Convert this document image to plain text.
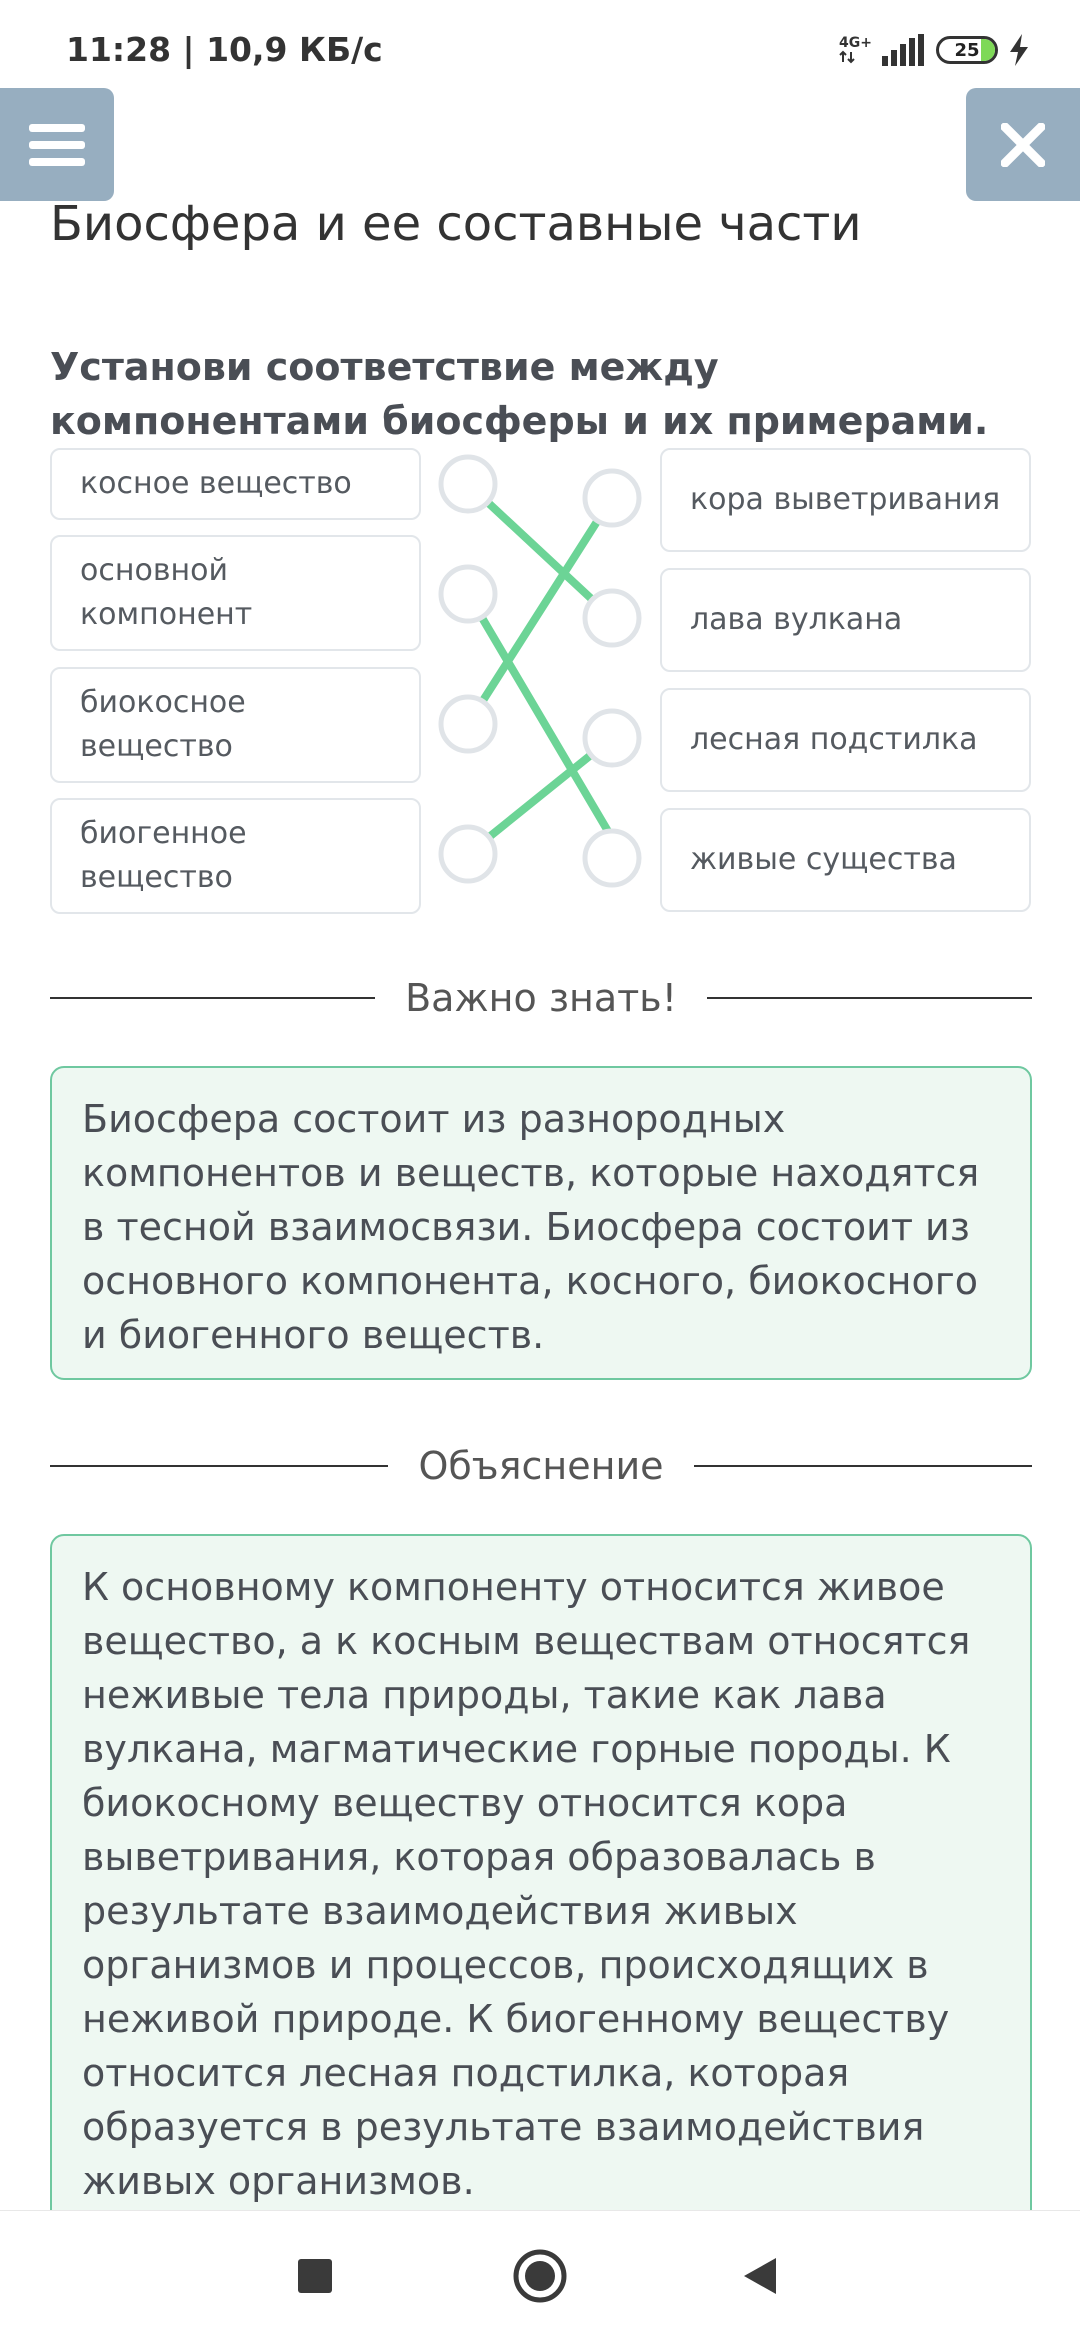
11:28 | 10,9 КБ/с	4G+	25
Биосфера и ее составные части

Установи соответствие между компонентами биосферы и их примерами.

косное вещество
основной компонент
биокосное вещество
биогенное вещество
кора выветривания
лава вулкана
лесная подстилка
живые существа
Важно знать!
Биосфера состоит из разнородных компонентов и веществ, которые находятся в тесной взаимосвязи. Биосфера состоит из основного компонента, косного, биокосного и биогенного веществ.
Объяснение
К основному компоненту относится живое вещество, а к косным веществам относятся неживые тела природы, такие как лава вулкана, магматические горные породы. К биокосному веществу относится кора выветривания, которая образовалась в результате взаимодействия живых организмов и процессов, происходящих в неживой природе. К биогенному веществу относится лесная подстилка, которая образуется в результате взаимодействия живых организмов.
